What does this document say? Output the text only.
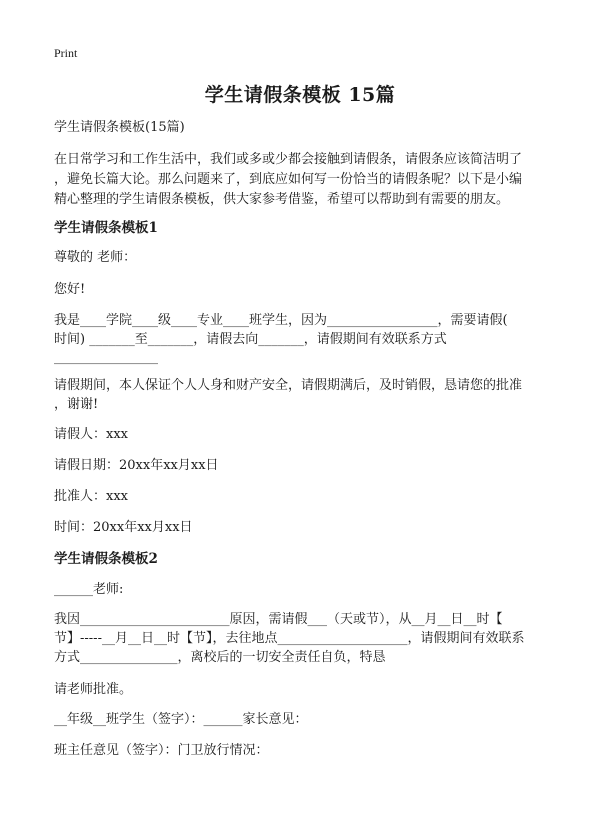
Print
学生请假条模板 15篇
学生请假条模板(15篇)
在日常学习和工作生活中，我们或多或少都会接触到请假条，请假条应该简洁明了
，避免长篇大论。那么问题来了，到底应如何写一份恰当的请假条呢？以下是小编
精心整理的学生请假条模板，供大家参考借鉴，希望可以帮助到有需要的朋友。
学生请假条模板1
尊敬的 老师：
您好!
我是____学院____级____专业____班学生，因为_________________，需要请假(
时间) _______至_______，请假去向_______，请假期间有效联系方式
________________
请假期间，本人保证个人人身和财产安全，请假期满后，及时销假，恳请您的批准
，谢谢!
请假人：xxx
请假日期：20xx年xx月xx日
批准人：xxx
时间：20xx年xx月xx日
学生请假条模板2
______老师:
我因_______________________原因，需请假___（天或节），从__月__日__时【
节】-----__月__日__时【节】，去往地点____________________，请假期间有效联系
方式_______________，离校后的一切安全责任自负，特恳
请老师批准。
__年级__班学生（签字）：______家长意见：
班主任意见（签字）：门卫放行情况：
